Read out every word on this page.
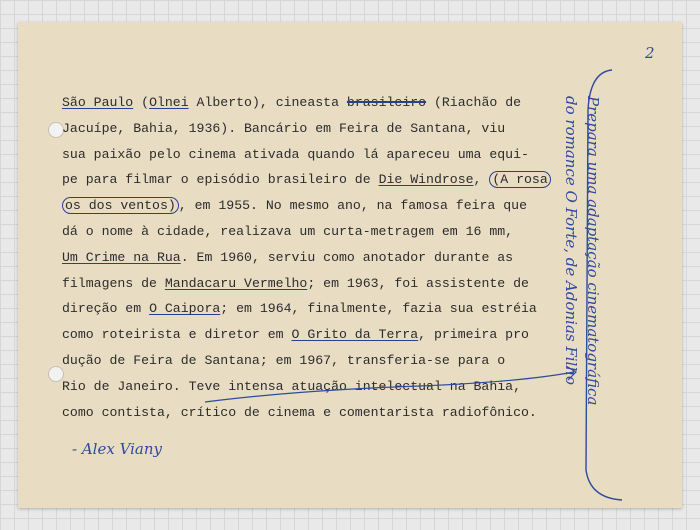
2
São Paulo (Olnei Alberto), cineasta brasileiro (Riachão de
Jacuípe, Bahia, 1936). Bancário em Feira de Santana, viu
sua paixão pelo cinema ativada quando lá apareceu uma equi-
pe para filmar o episódio brasileiro de Die Windrose, (A rosa
os dos ventos) , em 1955. No mesmo ano, na famosa feira que
dá o nome à cidade, realizava um curta-metragem em 16 mm,
Um Crime na Rua. Em 1960, serviu como anotador durante as
filmagens de Mandacaru Vermelho; em 1963, foi assistente de
direção em O Caipora; em 1964, finalmente, fazia sua estréia
como roteirista e diretor em O Grito da Terra, primeira pro
dução de Feira de Santana; em 1967, transferia-se para o
Rio de Janeiro. Teve intensa atuação intelectual na Bahia,
como contista, crítico de cinema e comentarista radiofônico.
- Alex Viany
Prepara uma adaptação cinematográfica
do romance O Forte, de Adonias Filho
